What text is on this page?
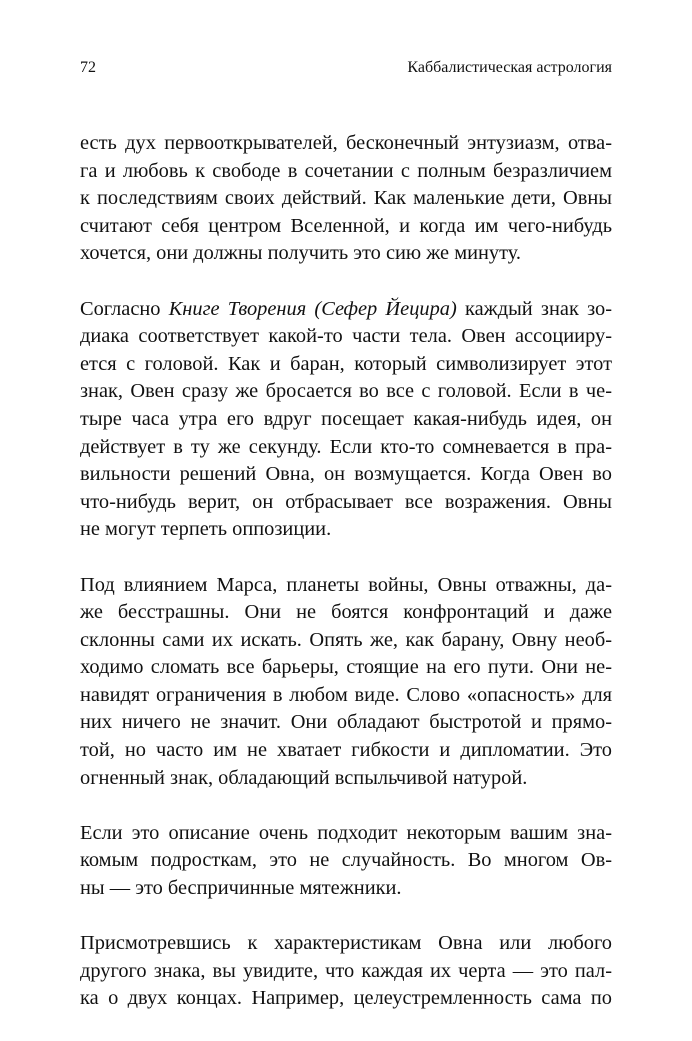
72	Каббалистическая астрология

есть дух первооткрывателей, бесконечный энтузиазм, отва-
га и любовь к свободе в сочетании с полным безразличием
к последствиям своих действий. Как маленькие дети, Овны
считают себя центром Вселенной, и когда им чего-нибудь
хочется, они должны получить это сию же минуту.

Согласно Книге Творения (Сефер Йецира) каждый знак зо-
диака соответствует какой-то части тела. Овен ассоцииру-
ется с головой. Как и баран, который символизирует этот
знак, Овен сразу же бросается во все с головой. Если в че-
тыре часа утра его вдруг посещает какая-нибудь идея, он
действует в ту же секунду. Если кто-то сомневается в пра-
вильности решений Овна, он возмущается. Когда Овен во
что-нибудь верит, он отбрасывает все возражения. Овны
не могут терпеть оппозиции.

Под влиянием Марса, планеты войны, Овны отважны, да-
же бесстрашны. Они не боятся конфронтаций и даже
склонны сами их искать. Опять же, как барану, Овну необ-
ходимо сломать все барьеры, стоящие на его пути. Они не-
навидят ограничения в любом виде. Слово «опасность» для
них ничего не значит. Они обладают быстротой и прямо-
той, но часто им не хватает гибкости и дипломатии. Это
огненный знак, обладающий вспыльчивой натурой.

Если это описание очень подходит некоторым вашим зна-
комым подросткам, это не случайность. Во многом Ов-
ны — это беспричинные мятежники.

Присмотревшись к характеристикам Овна или любого
другого знака, вы увидите, что каждая их черта — это пал-
ка о двух концах. Например, целеустремленность сама по
